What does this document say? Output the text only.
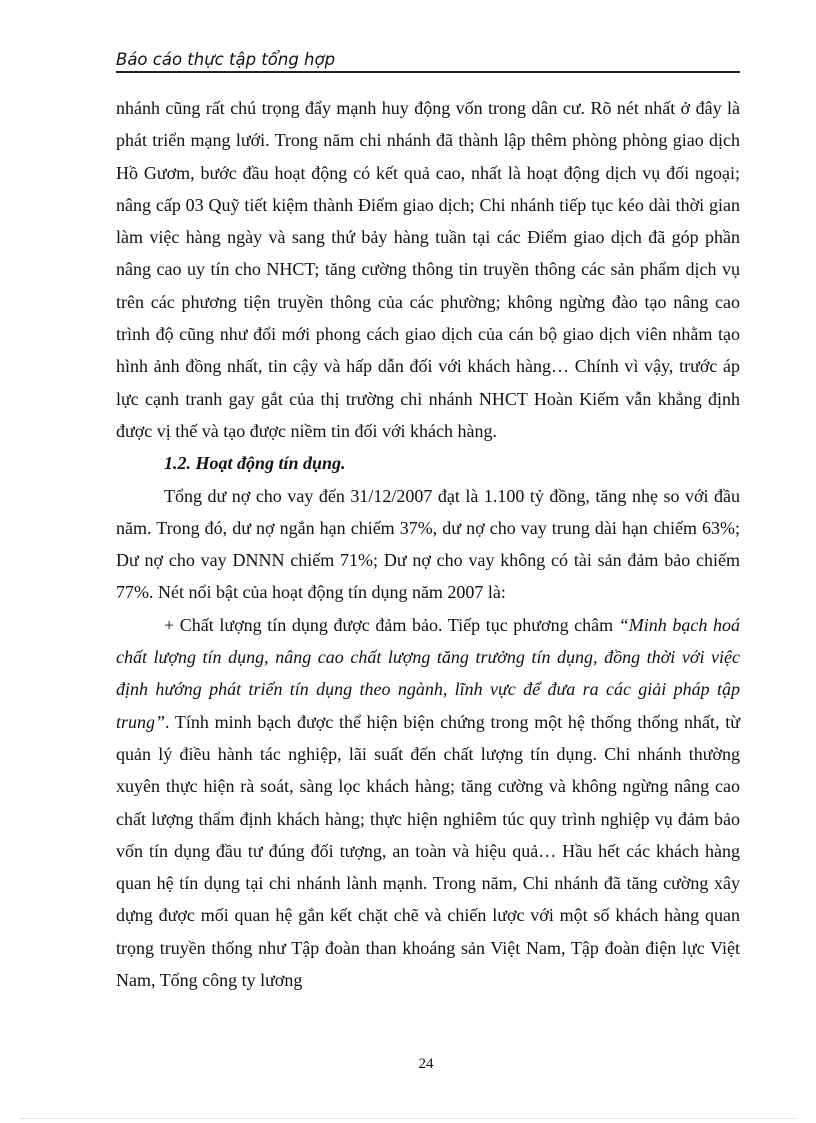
Báo cáo thực tập tổng hợp

nhánh cũng rất chú trọng đẩy mạnh huy động vốn trong dân cư. Rõ nét nhất ở đây là phát triển mạng lưới. Trong năm chi nhánh đã thành lập thêm phòng phòng giao dịch Hồ Gươm, bước đầu hoạt động có kết quả cao, nhất là hoạt động dịch vụ đối ngoại; nâng cấp 03 Quỹ tiết kiệm thành Điểm giao dịch; Chi nhánh tiếp tục kéo dài thời gian làm việc hàng ngày và sang thứ bảy hàng tuần tại các Điểm giao dịch đã góp phần nâng cao uy tín cho NHCT; tăng cường thông tin truyền thông các sản phẩm dịch vụ trên các phương tiện truyền thông của các phường; không ngừng đào tạo nâng cao trình độ cũng như đổi mới phong cách giao dịch của cán bộ giao dịch viên nhằm tạo hình ảnh đồng nhất, tin cậy và hấp dẫn đối với khách hàng… Chính vì vậy, trước áp lực cạnh tranh gay gắt của thị trường chi nhánh NHCT Hoàn Kiếm vẫn khẳng định được vị thế và tạo được niềm tin đối với khách hàng.

1.2. Hoạt động tín dụng.

Tổng dư nợ cho vay đến 31/12/2007 đạt là 1.100 tỷ đồng, tăng nhẹ so với đầu năm. Trong đó, dư nợ ngắn hạn chiếm 37%, dư nợ cho vay trung dài hạn chiếm 63%; Dư nợ cho vay DNNN chiếm 71%; Dư nợ cho vay không có tài sản đảm bảo chiếm 77%. Nét nổi bật của hoạt động tín dụng năm 2007 là:

+ Chất lượng tín dụng được đảm bảo. Tiếp tục phương châm “Minh bạch hoá chất lượng tín dụng, nâng cao chất lượng tăng trưởng tín dụng, đồng thời với việc định hướng phát triển tín dụng theo ngành, lĩnh vực để đưa ra các giải pháp tập trung”. Tính minh bạch được thể hiện biện chứng trong một hệ thống thống nhất, từ quản lý điều hành tác nghiệp, lãi suất đến chất lượng tín dụng. Chi nhánh thường xuyên thực hiện rà soát, sàng lọc khách hàng; tăng cường và không ngừng nâng cao chất lượng thẩm định khách hàng; thực hiện nghiêm túc quy trình nghiệp vụ đảm bảo vốn tín dụng đầu tư đúng đối tượng, an toàn và hiệu quả… Hầu hết các khách hàng quan hệ tín dụng tại chi nhánh lành mạnh. Trong năm, Chi nhánh đã tăng cường xây dựng được mối quan hệ gắn kết chặt chẽ và chiến lược với một số khách hàng quan trọng truyền thống như Tập đoàn than khoáng sản Việt Nam, Tập đoàn điện lực Việt Nam, Tổng công ty lương

24
